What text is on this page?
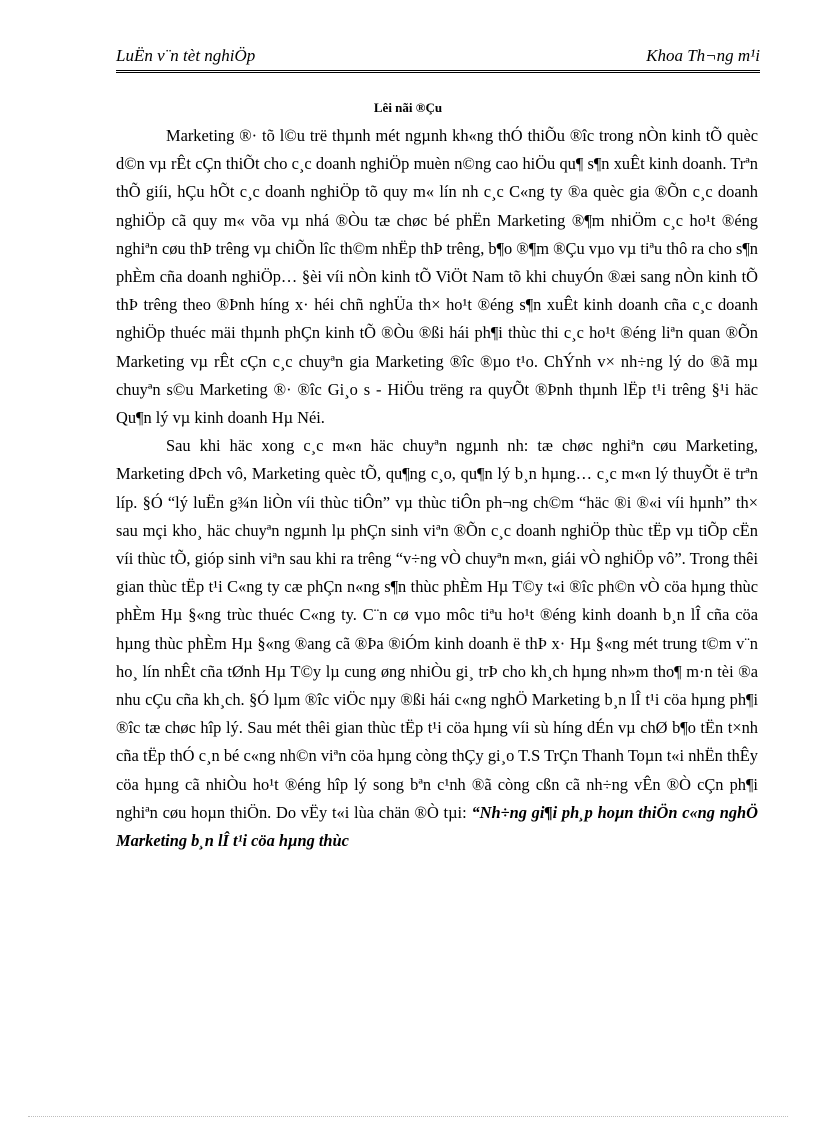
LuËn v¨n tèt nghiÖp	Khoa Th¬ng m¹i
Lêi nãi ®Çu

Marketing ®· tõ l©u trë thµnh mét ngµnh kh«ng thÓ thiÕu ®îc trong nÒn kinh tÕ quèc d©n vµ rÊt cÇn thiÕt cho c¸c doanh nghiÖp muèn n©ng cao hiÖu qu¶ s¶n xuÊt kinh doanh. Trªn thÕ giíi, hÇu hÕt c¸c doanh nghiÖp tõ quy m« lín nh c¸c C«ng ty ®a quèc gia ®Õn c¸c doanh nghiÖp cã quy m« võa vµ nhá ®Òu tæ chøc bé phËn Marketing ®¶m nhiÖm c¸c ho¹t ®éng nghiªn cøu thÞ trêng vµ chiÕn lîc th©m nhËp thÞ trêng, b¶o ®¶m ®Çu vµo vµ tiªu thô ra cho s¶n phÈm cña doanh nghiÖp… §èi víi nÒn kinh tÕ ViÖt Nam tõ khi chuyÓn ®æi sang nÒn kinh tÕ thÞ trêng theo ®Þnh híng x· héi chñ nghÜa th× ho¹t ®éng s¶n xuÊt kinh doanh cña c¸c doanh nghiÖp thuéc mäi thµnh phÇn kinh tÕ ®Òu ®ßi hái ph¶i thùc thi c¸c ho¹t ®éng liªn quan ®Õn Marketing vµ rÊt cÇn c¸c chuyªn gia Marketing ®îc ®µo t¹o. ChÝnh v× nh÷ng lý do ®ã mµ chuyªn s©u Marketing ®· ®îc Gi¸o s - HiÖu trëng ra quyÕt ®Þnh thµnh lËp t¹i trêng §¹i häc Qu¶n lý vµ kinh doanh Hµ Néi.

Sau khi häc xong c¸c m«n häc chuyªn ngµnh nh: tæ chøc nghiªn cøu Marketing, Marketing dÞch vô, Marketing quèc tÕ, qu¶ng c¸o, qu¶n lý b¸n hµng… c¸c m«n lý thuyÕt ë trªn líp. §Ó “lý luËn g¾n liÒn víi thùc tiÔn” vµ thùc tiÔn ph¬ng ch©m “häc ®i ®«i víi hµnh” th× sau mçi kho¸ häc chuyªn ngµnh lµ phÇn sinh viªn ®Õn c¸c doanh nghiÖp thùc tËp vµ tiÕp cËn víi thùc tÕ, gióp sinh viªn sau khi ra trêng “v÷ng vÒ chuyªn m«n, giái vÒ nghiÖp vô”. Trong thêi gian thùc tËp t¹i C«ng ty cæ phÇn n«ng s¶n thùc phÈm Hµ T©y t«i ®îc ph©n vÒ cöa hµng thùc phÈm Hµ §«ng trùc thuéc C«ng ty. C¨n cø vµo môc tiªu ho¹t ®éng kinh doanh b¸n lÎ cña cöa hµng thùc phÈm Hµ §«ng ®ang cã ®Þa ®iÓm kinh doanh ë thÞ x· Hµ §«ng mét trung t©m v¨n ho¸ lín nhÊt cña tØnh Hµ T©y lµ cung øng nhiÒu gi¸ trÞ cho kh¸ch hµng nh»m tho¶ m·n tèi ®a nhu cÇu cña kh¸ch. §Ó lµm ®îc viÖc nµy ®ßi hái c«ng nghÖ Marketing b¸n lÎ t¹i cöa hµng ph¶i ®îc tæ chøc hîp lý. Sau mét thêi gian thùc tËp t¹i cöa hµng víi sù híng dÉn vµ chØ b¶o tËn t×nh cña tËp thÓ c¸n bé c«ng nh©n viªn cöa hµng còng thÇy gi¸o T.S TrÇn Thanh Toµn t«i nhËn thÊy cöa hµng cã nhiÒu ho¹t ®éng hîp lý song bªn c¹nh ®ã còng cßn cã nh÷ng vÊn ®Ò cÇn ph¶i nghiªn cøu hoµn thiÖn. Do vËy t«i lùa chän ®Ò tµi: “Nh÷ng gi¶i ph¸p hoµn thiÖn c«ng nghÖ Marketing b¸n lÎ t¹i cöa hµng thùc
